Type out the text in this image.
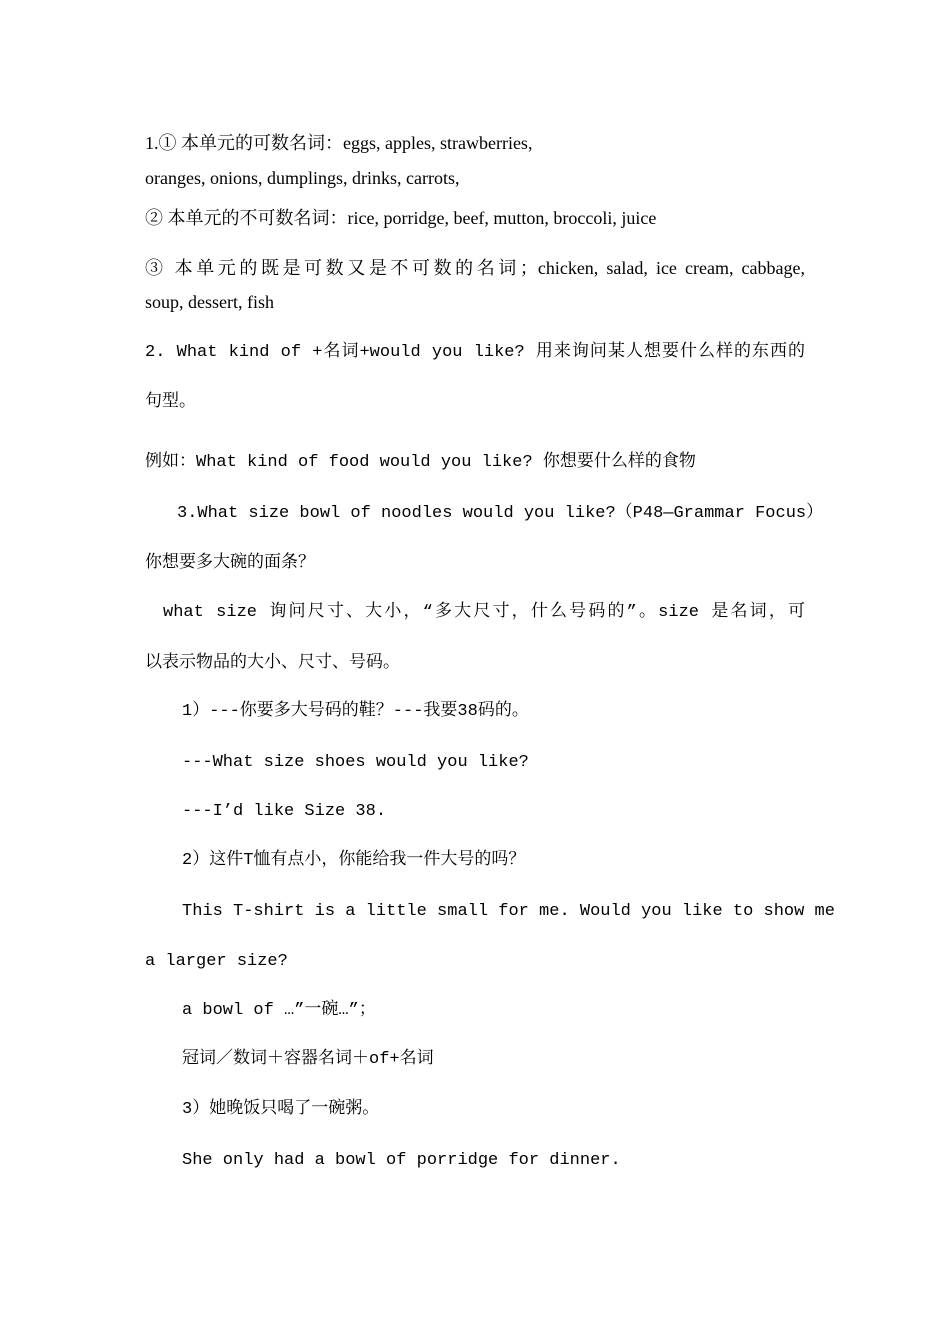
1.① 本单元的可数名词：eggs, apples, strawberries,
oranges, onions, dumplings, drinks, carrots,
② 本单元的不可数名词：rice, porridge, beef, mutton, broccoli, juice
③ 本单元的既是可数又是不可数的名词；chicken, salad, ice cream, cabbage,
soup, dessert, fish
2. What kind of +名词+would you like? 用来询问某人想要什么样的东西的
句型。
例如：What kind of food would you like? 你想要什么样的食物
3.What size bowl of noodles would you like?（P48—Grammar Focus）
你想要多大碗的面条？
what size 询问尺寸、大小，“多大尺寸，什么号码的”。size 是名词，可
以表示物品的大小、尺寸、号码。
1）---你要多大号码的鞋？---我要38码的。
---What size shoes would you like?
---I’d like Size 38.
2）这件T恤有点小，你能给我一件大号的吗？
This T-shirt is a little small for me. Would you like to show me
a larger size?
a bowl of …”一碗…”；
冠词／数词＋容器名词＋of+名词
3）她晚饭只喝了一碗粥。
She only had a bowl of porridge for dinner.
